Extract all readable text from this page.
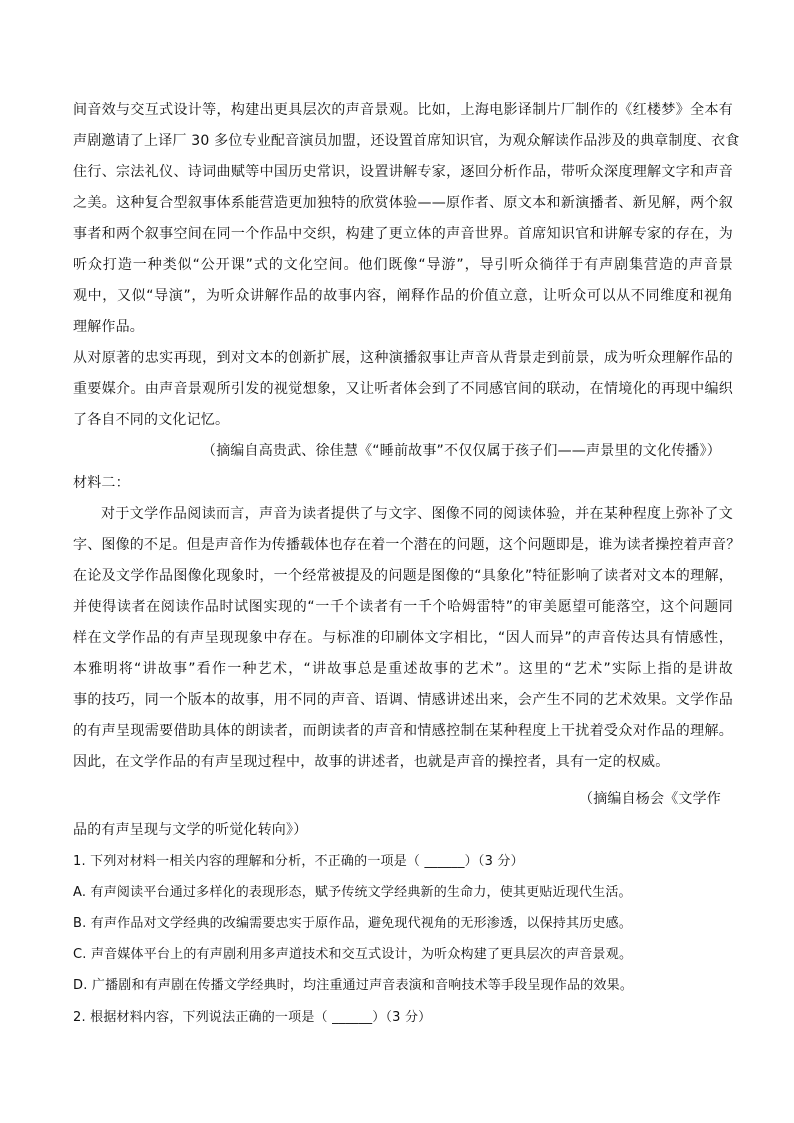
间音效与交互式设计等，构建出更具层次的声音景观。比如，上海电影译制片厂制作的《红楼梦》全本有
声剧邀请了上译厂 30 多位专业配音演员加盟，还设置首席知识官，为观众解读作品涉及的典章制度、衣食
住行、宗法礼仪、诗词曲赋等中国历史常识，设置讲解专家，逐回分析作品，带听众深度理解文字和声音
之美。这种复合型叙事体系能营造更加独特的欣赏体验——原作者、原文本和新演播者、新见解，两个叙
事者和两个叙事空间在同一个作品中交织，构建了更立体的声音世界。首席知识官和讲解专家的存在，为
听众打造一种类似“公开课”式的文化空间。他们既像“导游”，导引听众徜徉于有声剧集营造的声音景
观中，又似“导演”，为听众讲解作品的故事内容，阐释作品的价值立意，让听众可以从不同维度和视角
理解作品。
从对原著的忠实再现，到对文本的创新扩展，这种演播叙事让声音从背景走到前景，成为听众理解作品的
重要媒介。由声音景观所引发的视觉想象，又让听者体会到了不同感官间的联动，在情境化的再现中编织
了各自不同的文化记忆。
（摘编自高贵武、徐佳慧《“睡前故事”不仅仅属于孩子们——声景里的文化传播》）
材料二：
对于文学作品阅读而言，声音为读者提供了与文字、图像不同的阅读体验，并在某种程度上弥补了文
字、图像的不足。但是声音作为传播载体也存在着一个潜在的问题，这个问题即是，谁为读者操控着声音？
在论及文学作品图像化现象时，一个经常被提及的问题是图像的“具象化”特征影响了读者对文本的理解，
并使得读者在阅读作品时试图实现的“一千个读者有一千个哈姆雷特”的审美愿望可能落空，这个问题同
样在文学作品的有声呈现现象中存在。与标准的印刷体文字相比，“因人而异”的声音传达具有情感性，
本雅明将“讲故事”看作一种艺术，“讲故事总是重述故事的艺术”。这里的“艺术”实际上指的是讲故
事的技巧，同一个版本的故事，用不同的声音、语调、情感讲述出来，会产生不同的艺术效果。文学作品
的有声呈现需要借助具体的朗读者，而朗读者的声音和情感控制在某种程度上干扰着受众对作品的理解。
因此，在文学作品的有声呈现过程中，故事的讲述者，也就是声音的操控者，具有一定的权威。
（摘编自杨会《文学作
品的有声呈现与文学的听觉化转向》）
1. 下列对材料一相关内容的理解和分析，不正确的一项是（ ______）（3 分）
A. 有声阅读平台通过多样化的表现形态，赋予传统文学经典新的生命力，使其更贴近现代生活。
B. 有声作品对文学经典的改编需要忠实于原作品，避免现代视角的无形渗透，以保持其历史感。
C. 声音媒体平台上的有声剧利用多声道技术和交互式设计，为听众构建了更具层次的声音景观。
D. 广播剧和有声剧在传播文学经典时，均注重通过声音表演和音响技术等手段呈现作品的效果。
2. 根据材料内容，下列说法正确的一项是（ ______）（3 分）
